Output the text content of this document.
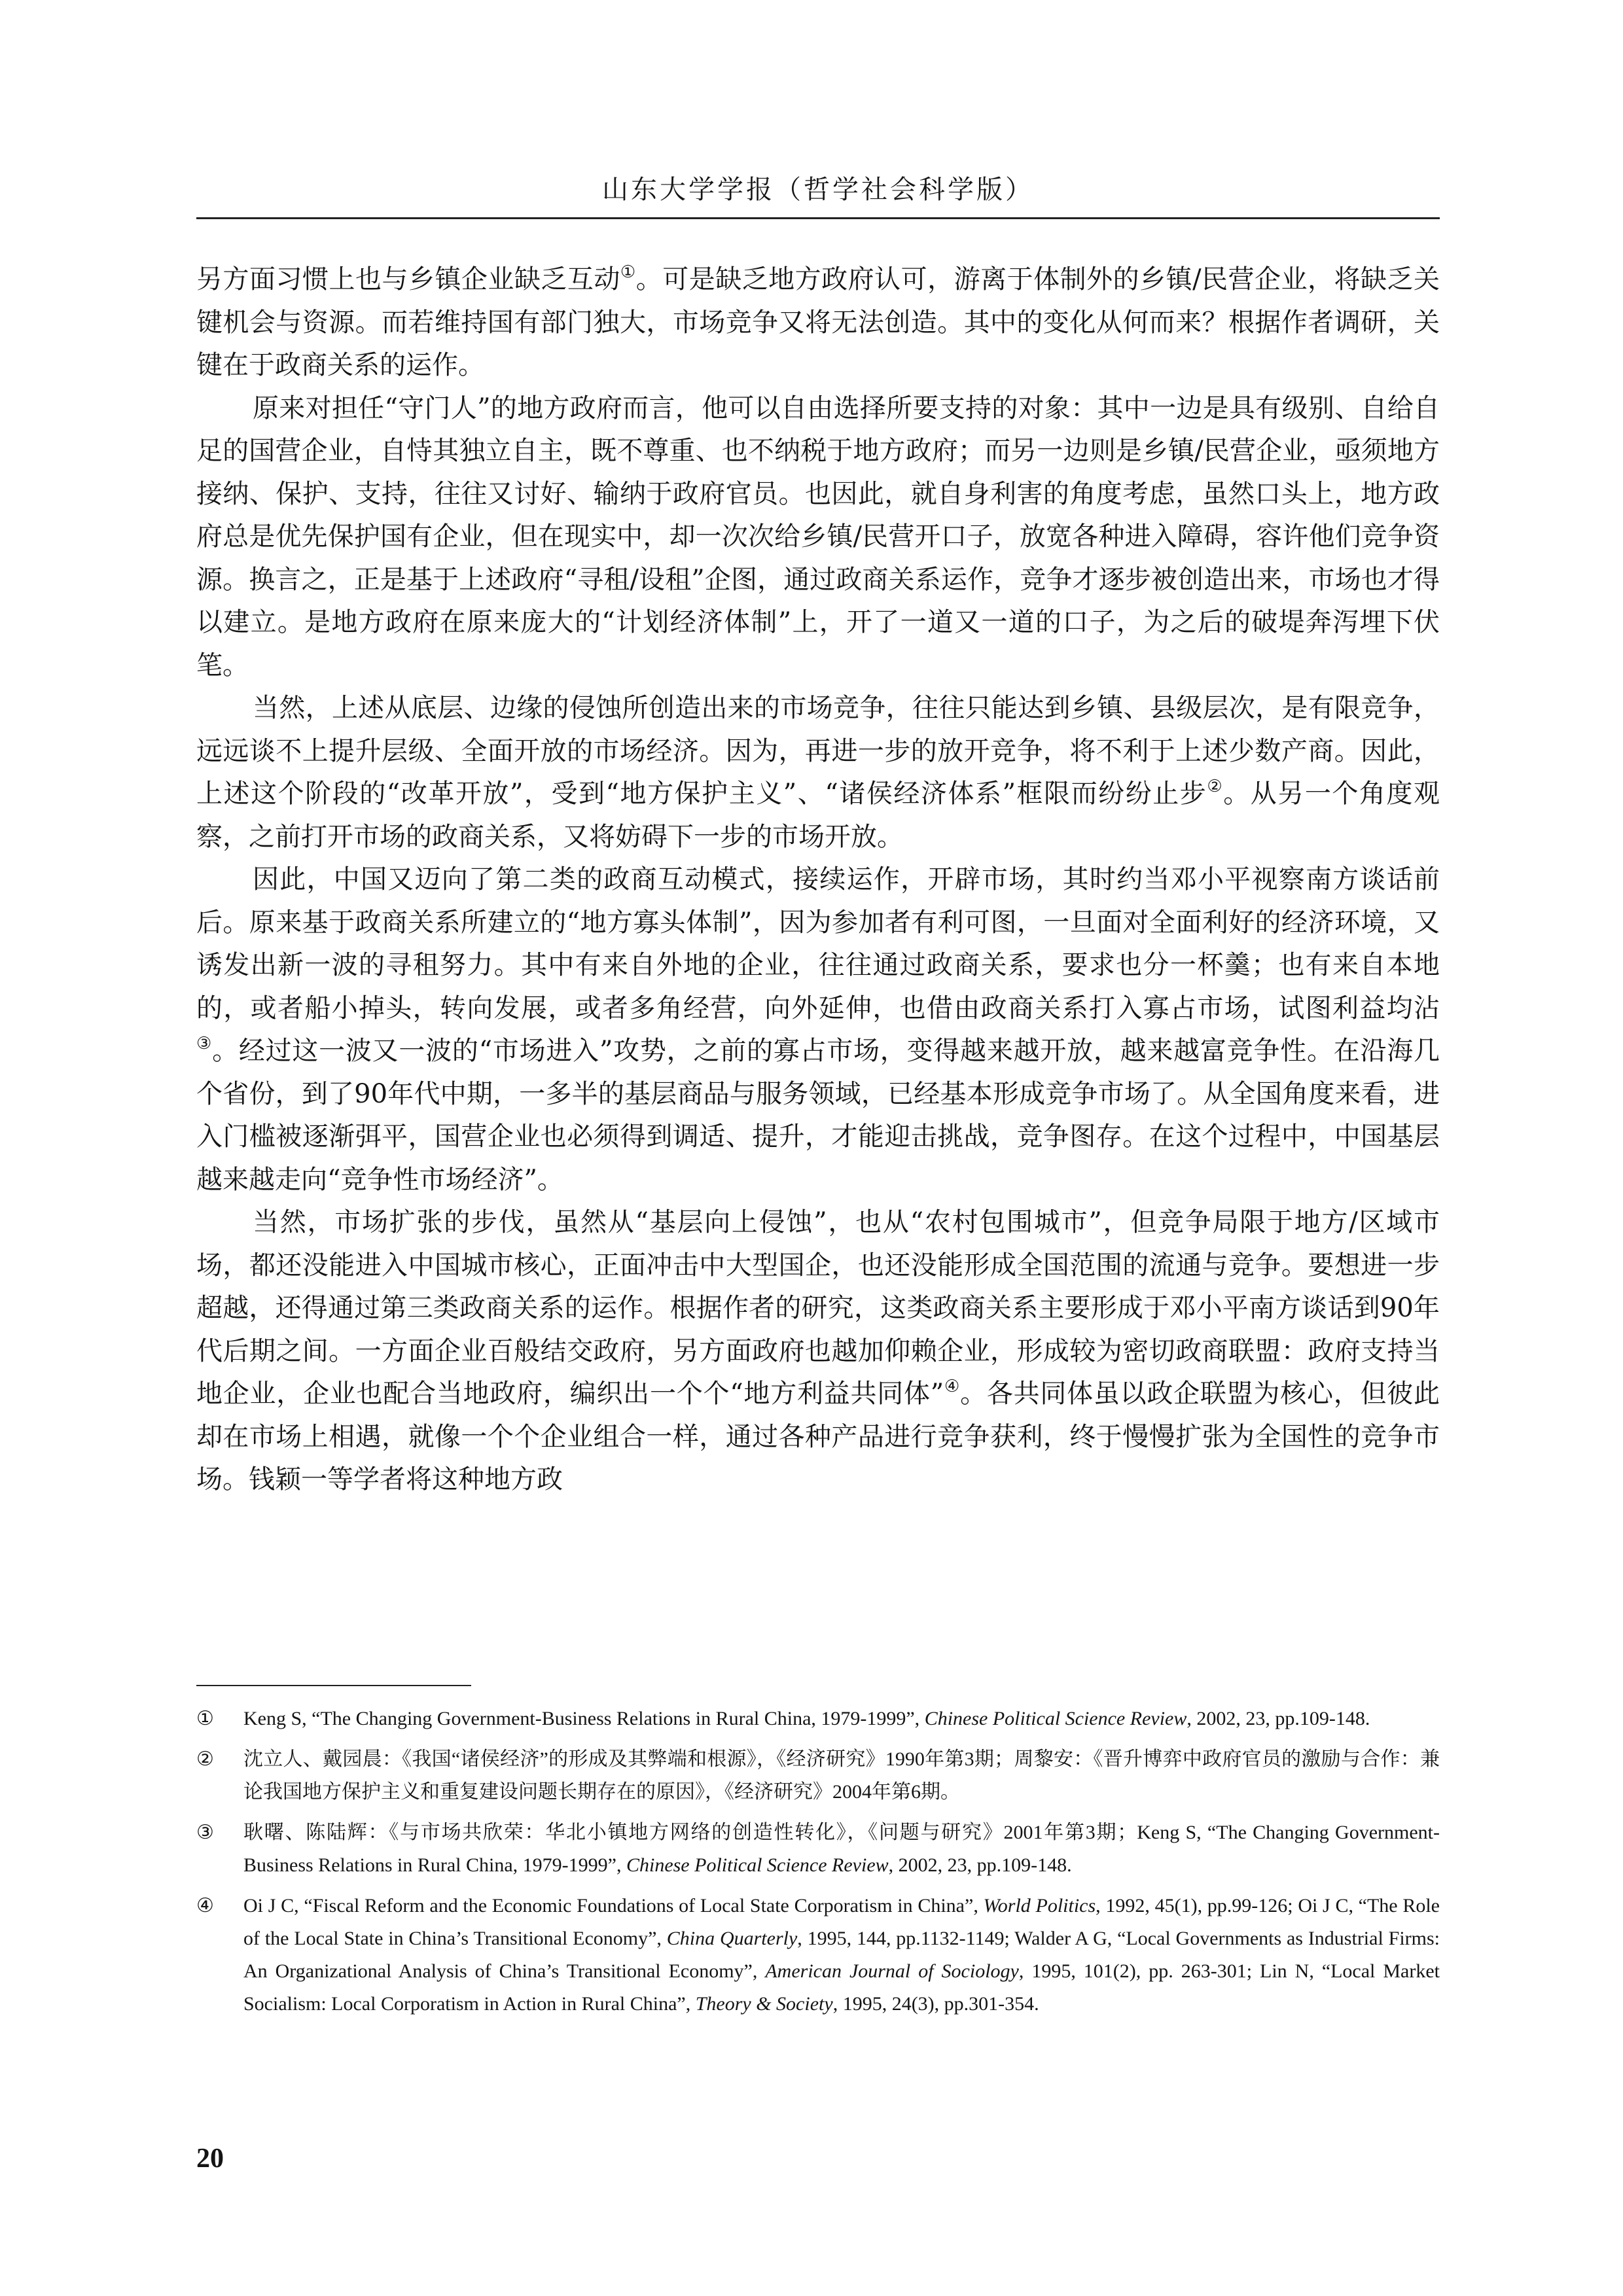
山东大学学报（哲学社会科学版）

另方面习惯上也与乡镇企业缺乏互动①。可是缺乏地方政府认可，游离于体制外的乡镇/民营企业，将缺乏关键机会与资源。而若维持国有部门独大，市场竞争又将无法创造。其中的变化从何而来？根据作者调研，关键在于政商关系的运作。

原来对担任“守门人”的地方政府而言，他可以自由选择所要支持的对象：其中一边是具有级别、自给自足的国营企业，自恃其独立自主，既不尊重、也不纳税于地方政府；而另一边则是乡镇/民营企业，亟须地方接纳、保护、支持，往往又讨好、输纳于政府官员。也因此，就自身利害的角度考虑，虽然口头上，地方政府总是优先保护国有企业，但在现实中，却一次次给乡镇/民营开口子，放宽各种进入障碍，容许他们竞争资源。换言之，正是基于上述政府“寻租/设租”企图，通过政商关系运作，竞争才逐步被创造出来，市场也才得以建立。是地方政府在原来庞大的“计划经济体制”上，开了一道又一道的口子，为之后的破堤奔泻埋下伏笔。

当然，上述从底层、边缘的侵蚀所创造出来的市场竞争，往往只能达到乡镇、县级层次，是有限竞争，远远谈不上提升层级、全面开放的市场经济。因为，再进一步的放开竞争，将不利于上述少数产商。因此，上述这个阶段的“改革开放”，受到“地方保护主义”、“诸侯经济体系”框限而纷纷止步②。从另一个角度观察，之前打开市场的政商关系，又将妨碍下一步的市场开放。

因此，中国又迈向了第二类的政商互动模式，接续运作，开辟市场，其时约当邓小平视察南方谈话前后。原来基于政商关系所建立的“地方寡头体制”，因为参加者有利可图，一旦面对全面利好的经济环境，又诱发出新一波的寻租努力。其中有来自外地的企业，往往通过政商关系，要求也分一杯羹；也有来自本地的，或者船小掉头，转向发展，或者多角经营，向外延伸，也借由政商关系打入寡占市场，试图利益均沾③。经过这一波又一波的“市场进入”攻势，之前的寡占市场，变得越来越开放，越来越富竞争性。在沿海几个省份，到了90年代中期，一多半的基层商品与服务领域，已经基本形成竞争市场了。从全国角度来看，进入门槛被逐渐弭平，国营企业也必须得到调适、提升，才能迎击挑战，竞争图存。在这个过程中，中国基层越来越走向“竞争性市场经济”。

当然，市场扩张的步伐，虽然从“基层向上侵蚀”，也从“农村包围城市”，但竞争局限于地方/区域市场，都还没能进入中国城市核心，正面冲击中大型国企，也还没能形成全国范围的流通与竞争。要想进一步超越，还得通过第三类政商关系的运作。根据作者的研究，这类政商关系主要形成于邓小平南方谈话到90年代后期之间。一方面企业百般结交政府，另方面政府也越加仰赖企业，形成较为密切政商联盟：政府支持当地企业，企业也配合当地政府，编织出一个个“地方利益共同体”④。各共同体虽以政企联盟为核心，但彼此却在市场上相遇，就像一个个企业组合一样，通过各种产品进行竞争获利，终于慢慢扩张为全国性的竞争市场。钱颖一等学者将这种地方政

①	Keng S, “The Changing Government-Business Relations in Rural China, 1979-1999”, Chinese Political Science Review, 2002, 23, pp.109-148.

②	沈立人、戴园晨：《我国“诸侯经济”的形成及其弊端和根源》，《经济研究》1990年第3期；周黎安：《晋升博弈中政府官员的激励与合作：兼论我国地方保护主义和重复建设问题长期存在的原因》，《经济研究》2004年第6期。

③	耿曙、陈陆辉：《与市场共欣荣：华北小镇地方网络的创造性转化》，《问题与研究》2001年第3期；Keng S, “The Changing Government-Business Relations in Rural China, 1979-1999”, Chinese Political Science Review, 2002, 23, pp.109-148.

④	Oi J C, “Fiscal Reform and the Economic Foundations of Local State Corporatism in China”, World Politics, 1992, 45(1), pp.99-126; Oi J C, “The Role of the Local State in China’s Transitional Economy”, China Quarterly, 1995, 144, pp.1132-1149; Walder A G, “Local Governments as Industrial Firms: An Organizational Analysis of China’s Transitional Economy”, American Journal of Sociology, 1995, 101(2), pp. 263-301; Lin N, “Local Market Socialism: Local Corporatism in Action in Rural China”, Theory & Society, 1995, 24(3), pp.301-354.

20
